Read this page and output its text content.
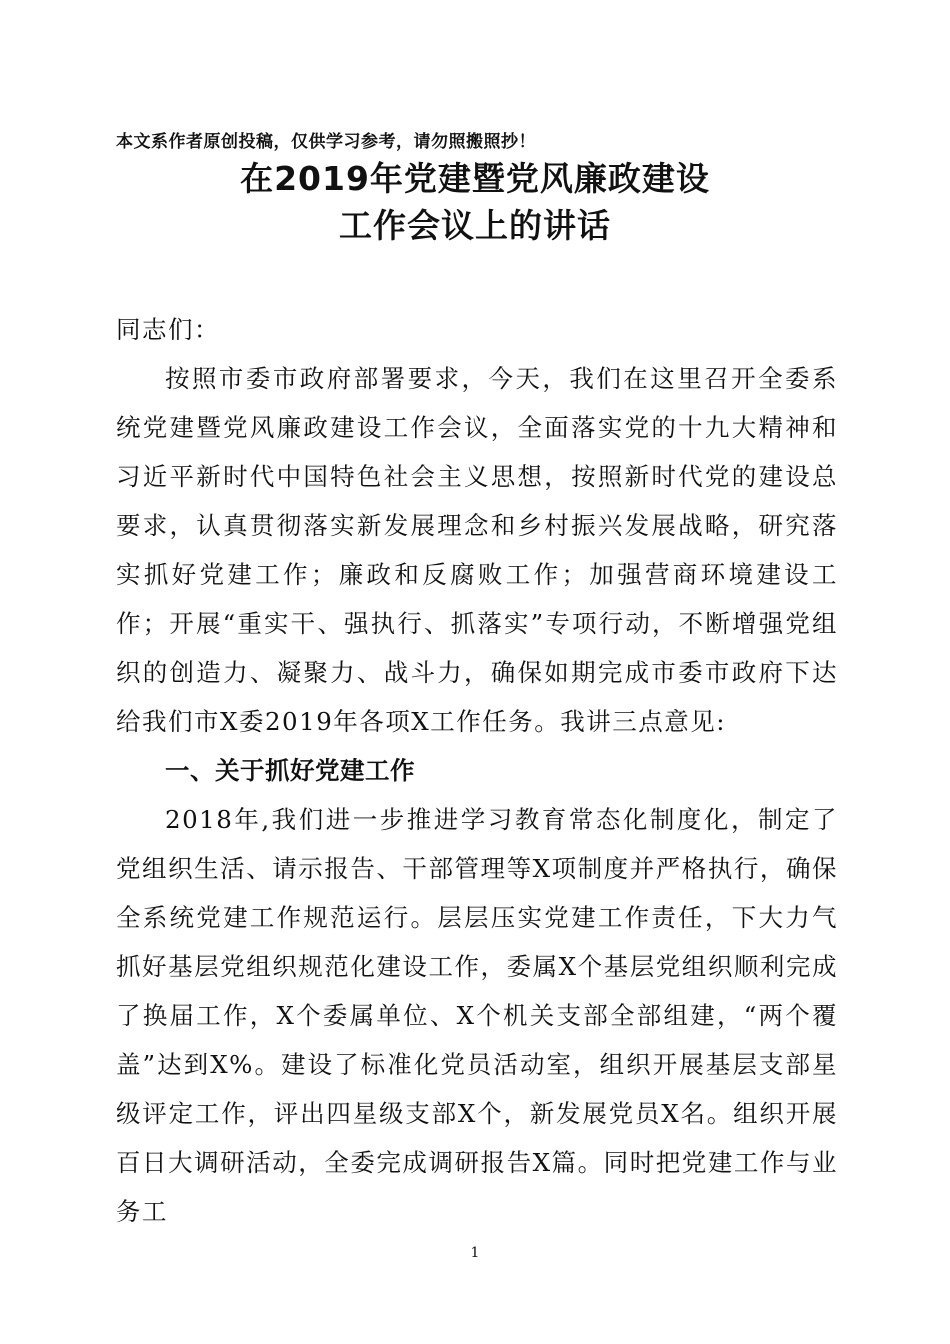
本文系作者原创投稿，仅供学习参考，请勿照搬照抄！
在2019年党建暨党风廉政建设
工作会议上的讲话

同志们：

按照市委市政府部署要求，今天，我们在这里召开全委系统党建暨党风廉政建设工作会议，全面落实党的十九大精神和习近平新时代中国特色社会主义思想，按照新时代党的建设总要求，认真贯彻落实新发展理念和乡村振兴发展战略，研究落实抓好党建工作；廉政和反腐败工作；加强营商环境建设工作；开展“重实干、强执行、抓落实”专项行动，不断增强党组织的创造力、凝聚力、战斗力，确保如期完成市委市政府下达给我们市X委2019年各项X工作任务。我讲三点意见:

一、关于抓好党建工作

2018年,我们进一步推进学习教育常态化制度化，制定了党组织生活、请示报告、干部管理等X项制度并严格执行，确保全系统党建工作规范运行。层层压实党建工作责任，下大力气抓好基层党组织规范化建设工作，委属X个基层党组织顺利完成了换届工作，X个委属单位、X个机关支部全部组建，“两个覆盖”达到X%。建设了标准化党员活动室，组织开展基层支部星级评定工作，评出四星级支部X个，新发展党员X名。组织开展百日大调研活动，全委完成调研报告X篇。同时把党建工作与业务工

1
